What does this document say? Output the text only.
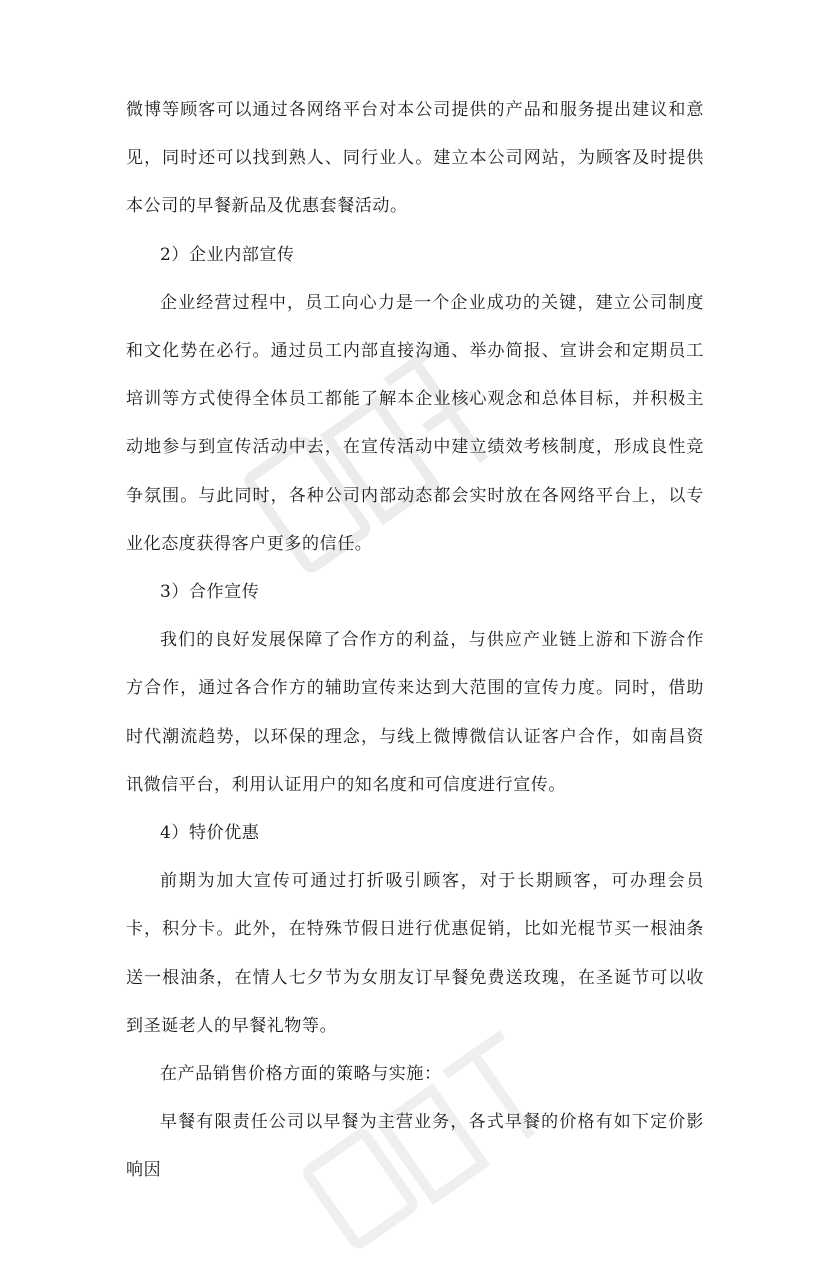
微博等顾客可以通过各网络平台对本公司提供的产品和服务提出建议和意见，同时还可以找到熟人、同行业人。建立本公司网站，为顾客及时提供本公司的早餐新品及优惠套餐活动。

2）企业内部宣传

企业经营过程中，员工向心力是一个企业成功的关键，建立公司制度和文化势在必行。通过员工内部直接沟通、举办简报、宣讲会和定期员工培训等方式使得全体员工都能了解本企业核心观念和总体目标，并积极主动地参与到宣传活动中去，在宣传活动中建立绩效考核制度，形成良性竞争氛围。与此同时，各种公司内部动态都会实时放在各网络平台上，以专业化态度获得客户更多的信任。

3）合作宣传

我们的良好发展保障了合作方的利益，与供应产业链上游和下游合作方合作，通过各合作方的辅助宣传来达到大范围的宣传力度。同时，借助时代潮流趋势，以环保的理念，与线上微博微信认证客户合作，如南昌资讯微信平台，利用认证用户的知名度和可信度进行宣传。

4）特价优惠

前期为加大宣传可通过打折吸引顾客，对于长期顾客，可办理会员卡，积分卡。此外，在特殊节假日进行优惠促销，比如光棍节买一根油条送一根油条，在情人七夕节为女朋友订早餐免费送玫瑰，在圣诞节可以收到圣诞老人的早餐礼物等。

在产品销售价格方面的策略与实施：

早餐有限责任公司以早餐为主营业务，各式早餐的价格有如下定价影响因
